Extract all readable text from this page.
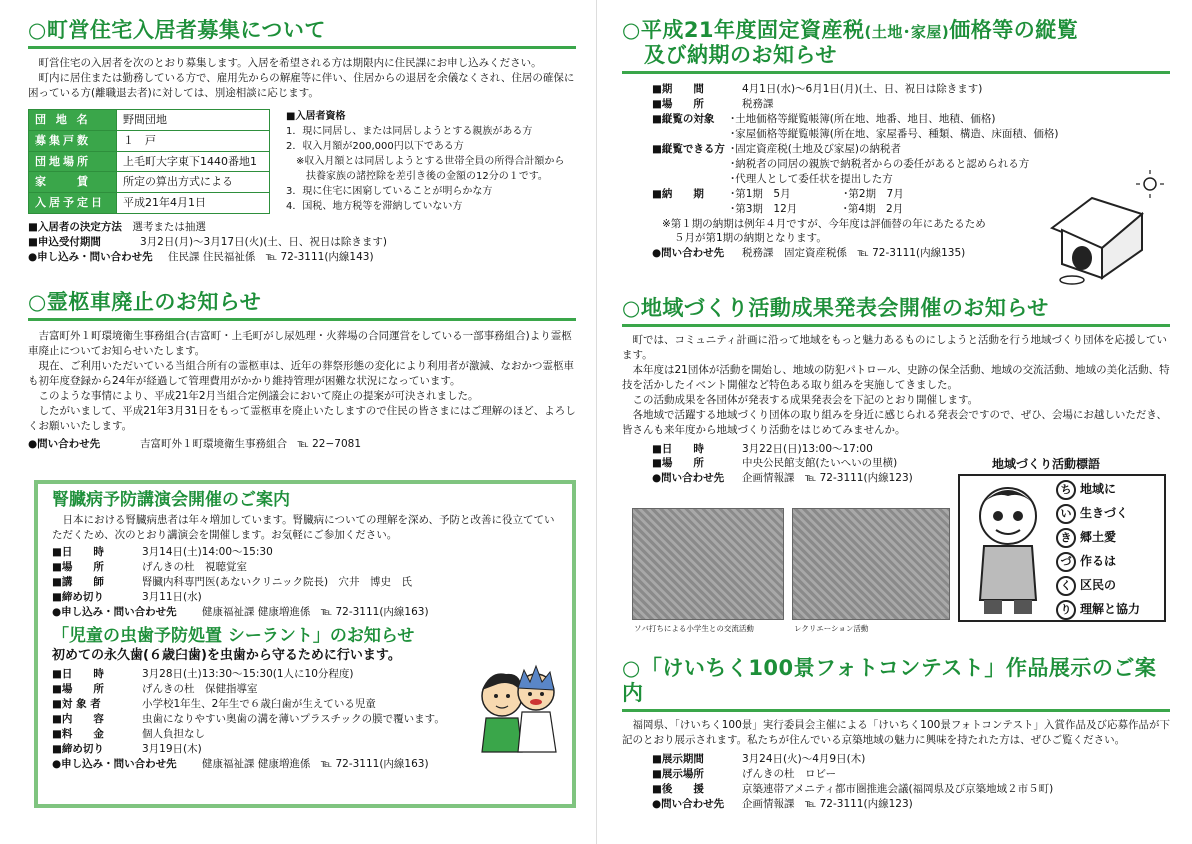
○町営住宅入居者募集について

町営住宅の入居者を次のとおり募集します。入居を希望される方は期限内に住民課にお申し込みください。

町内に居住または勤務している方で、雇用先からの解雇等に伴い、住居からの退居を余儀なくされ、住居の確保に困っている方(離職退去者)に対しては、別途相談に応じます。

団 地 名	野間団地
募集戸数	１　戸
団地場所	上毛町大字東下1440番地1
家　　賃	所定の算出方式による
入居予定日	平成21年4月1日
■入居者資格
1．現に同居し、または同居しようとする親族がある方
2．収入月額が200,000円以下である方
　※収入月額とは同居しようとする世帯全員の所得合計額から
　　扶養家族の諸控除を差引き後の金額の12分の１です。
3．現に住宅に困窮していることが明らかな方
4．国税、地方税等を滞納していない方
■入居者の決定方法　 選考または抽選
■申込受付期間	3月2日(月)～3月17日(火)(土、日、祝日は除きます)
●申し込み・問い合わせ先 住民課 住民福祉係　℡ 72-3111(内線143)
○霊柩車廃止のお知らせ

吉富町外１町環境衛生事務組合(吉富町・上毛町がし尿処理・火葬場の合同運営をしている一部事務組合)より霊柩車廃止についてお知らせいたします。

現在、ご利用いただいている当組合所有の霊柩車は、近年の葬祭形態の変化により利用者が激減、なおかつ霊柩車も初年度登録から24年が経過して管理費用がかかり維持管理が困難な状況になっています。

このような事情により、平成21年2月当組合定例議会において廃止の提案が可決されました。

したがいまして、平成21年3月31日をもって霊柩車を廃止いたしますので住民の皆さまにはご理解のほど、よろしくお願いいたします。

●問い合わせ先	吉富町外１町環境衛生事務組合　℡ 22−7081
腎臓病予防講演会開催のご案内

日本における腎臓病患者は年々増加しています。腎臓病についての理解を深め、予防と改善に役立てていただくため、次のとおり講演会を開催します。お気軽にご参加ください。

■日　　時	3月14日(土)14:00～15:30
■場　　所	げんきの杜　視聴覚室
■講　　師	腎臓内科専門医(あないクリニック院長)　穴井　博史　氏
■締め切り	3月11日(水)
●申し込み・問い合わせ先 健康福祉課 健康増進係　℡ 72-3111(内線163)
「児童の虫歯予防処置 シーラント」のお知らせ
初めての永久歯(６歳臼歯)を虫歯から守るために行います。
■日　　時	3月28日(土)13:30～15:30(1人に10分程度)
■場　　所	げんきの杜　保健指導室
■対 象 者	小学校1年生、2年生で６歳臼歯が生えている児童
■内　　容	虫歯になりやすい奥歯の溝を薄いプラスチックの膜で覆います。
■料　　金	個人負担なし
■締め切り	3月19日(木)
●申し込み・問い合わせ先 健康福祉課 健康増進係　℡ 72-3111(内線163)
○平成21年度固定資産税(土地･家屋)価格等の縦覧
及び納期のお知らせ
■期　　間	4月1日(水)～6月1日(月)(土、日、祝日は除きます)
■場　　所	税務課
■縦覧の対象 ･土地価格等縦覧帳簿(所在地、地番、地目、地積、価格)
･家屋価格等縦覧帳簿(所在地、家屋番号、種類、構造、床面積、価格)
■縦覧できる方 ･固定資産税(土地及び家屋)の納税者
･納税者の同居の親族で納税者からの委任があると認められる方
･代理人として委任状を提出した方
■納　　期 ･第1期　5月　　　　　･第2期　7月
･第3期　12月　　　　 ･第4期　2月
※第１期の納期は例年４月ですが、今年度は評価替の年にあたるため
５月が第1期の納期となります。
●問い合わせ先 税務課　固定資産税係　℡ 72-3111(内線135)
○地域づくり活動成果発表会開催のお知らせ

町では、コミュニティ計画に沿って地域をもっと魅力あるものにしようと活動を行う地域づくり団体を応援しています。

本年度は21団体が活動を開始し、地域の防犯パトロール、史跡の保全活動、地域の交流活動、地域の美化活動、特技を活かしたイベント開催など特色ある取り組みを実施してきました。

この活動成果を各団体が発表する成果発表会を下記のとおり開催します。

各地域で活躍する地域づくり団体の取り組みを身近に感じられる発表会ですので、ぜひ、会場にお越しいただき、皆さんも来年度から地域づくり活動をはじめてみませんか。

■日　　時	3月22日(日)13:00～17:00
■場　　所	中央公民館支館(たいへいの里横)
●問い合わせ先 企画情報課　℡ 72-3111(内線123)
ソバ打ちによる小学生との交流活動	レクリエーション活動
地域づくり活動標語
ち 地域に
い 生きづく
き 郷土愛
づ 作るは
く 区民の
り 理解と協力
○「けいちく100景フォトコンテスト」作品展示のご案内

福岡県、「けいちく100景」実行委員会主催による「けいちく100景フォトコンテスト」入賞作品及び応募作品が下記のとおり展示されます。私たちが住んでいる京築地域の魅力に興味を持たれた方は、ぜひご覧ください。

■展示期間	3月24日(火)～4月9日(木)
■展示場所	げんきの杜　ロビー
■後　　援	京築連帯アメニティ都市圏推進会議(福岡県及び京築地域２市５町)
●問い合わせ先 企画情報課　℡ 72-3111(内線123)
